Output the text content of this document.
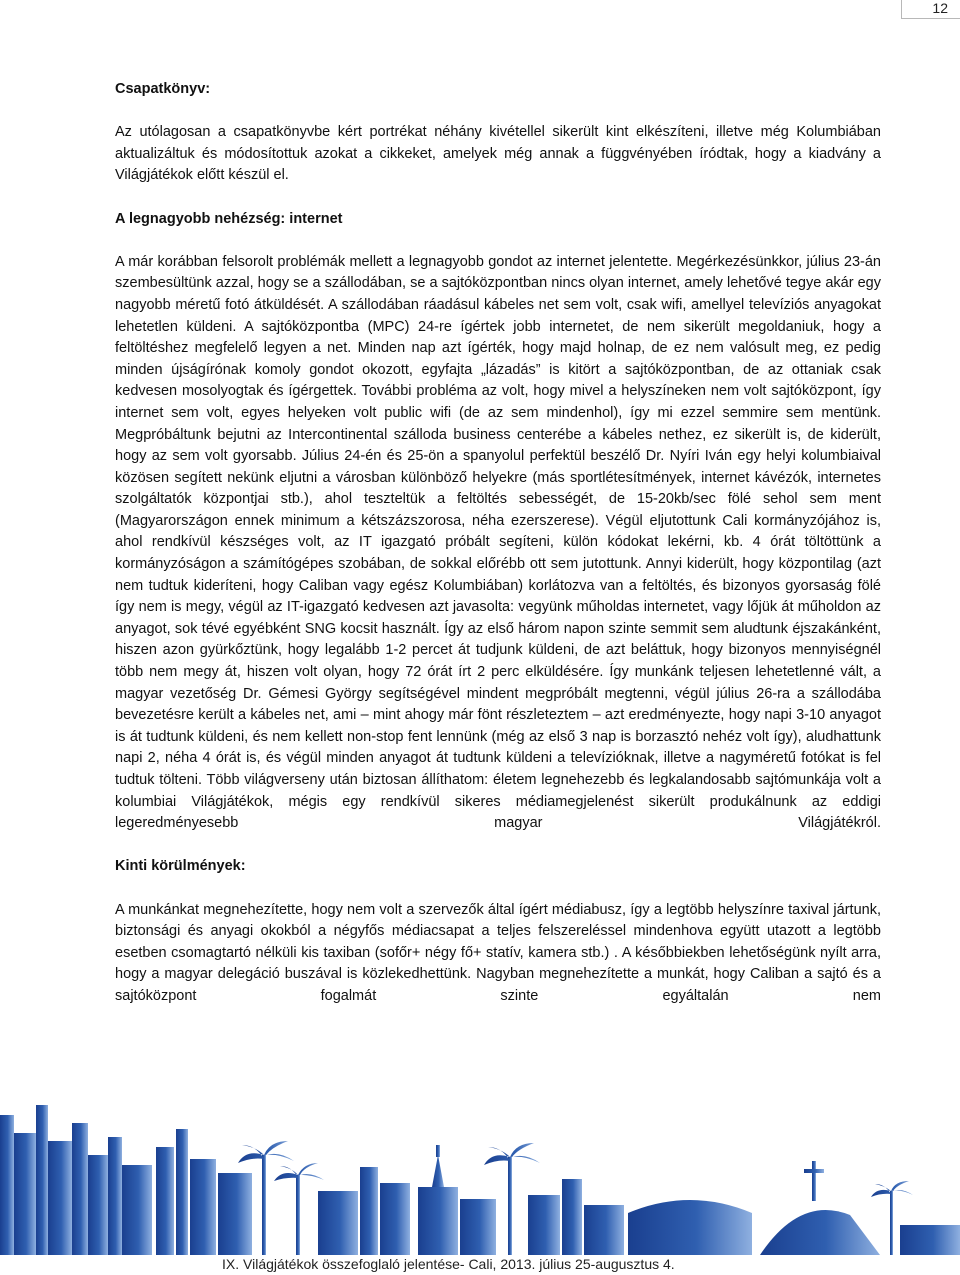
12

Csapatkönyv:

Az utólagosan a csapatkönyvbe kért portrékat néhány kivétellel sikerült kint elkészíteni, illetve még Kolumbiában aktualizáltuk és módosítottuk azokat a cikkeket, amelyek még annak a függvényében íródtak, hogy a kiadvány a Világjátékok előtt készül el.

A legnagyobb nehézség: internet

A már korábban felsorolt problémák mellett a legnagyobb gondot az internet jelentette. Megérkezésünkkor, július 23-án szembesültünk azzal, hogy se a szállodában, se a sajtóközpontban nincs olyan internet, amely lehetővé tegye akár egy nagyobb méretű fotó átküldését. A szállodában ráadásul kábeles net sem volt, csak wifi, amellyel televíziós anyagokat lehetetlen küldeni. A sajtóközpontba (MPC) 24-re ígértek jobb internetet, de nem sikerült megoldaniuk, hogy a feltöltéshez megfelelő legyen a net. Minden nap azt ígérték, hogy majd holnap, de ez nem valósult meg, ez pedig minden újságírónak komoly gondot okozott, egyfajta „lázadás” is kitört a sajtóközpontban, de az ottaniak csak kedvesen mosolyogtak és ígérgettek. További probléma az volt, hogy mivel a helyszíneken nem volt sajtóközpont, így internet sem volt, egyes helyeken volt public wifi (de az sem mindenhol), így mi ezzel semmire sem mentünk. Megpróbáltunk bejutni az Intercontinental szálloda business centerébe a kábeles nethez, ez sikerült is, de kiderült, hogy az sem volt gyorsabb. Július 24-én és 25-ön a spanyolul perfektül beszélő Dr. Nyíri Iván egy helyi kolumbiaival közösen segített nekünk eljutni a városban különböző helyekre (más sportlétesítmények, internet kávézók, internetes szolgáltatók központjai stb.), ahol teszteltük a feltöltés sebességét, de 15-20kb/sec fölé sehol sem ment (Magyarországon ennek minimum a kétszázszorosa, néha ezerszerese). Végül eljutottunk Cali kormányzójához is, ahol rendkívül készséges volt, az IT igazgató próbált segíteni, külön kódokat lekérni, kb. 4 órát töltöttünk a kormányzóságon a számítógépes szobában, de sokkal előrébb ott sem jutottunk. Annyi kiderült, hogy központilag (azt nem tudtuk kideríteni, hogy Caliban vagy egész Kolumbiában) korlátozva van a feltöltés, és bizonyos gyorsaság fölé így nem is megy, végül az IT-igazgató kedvesen azt javasolta: vegyünk műholdas internetet, vagy lőjük át műholdon az anyagot, sok tévé egyébként SNG kocsit használt. Így az első három napon szinte semmit sem aludtunk éjszakánként, hiszen azon gyürkőztünk, hogy legalább 1-2 percet át tudjunk küldeni, de azt beláttuk, hogy bizonyos mennyiségnél több nem megy át, hiszen volt olyan, hogy 72 órát írt 2 perc elküldésére. Így munkánk teljesen lehetetlenné vált, a magyar vezetőség Dr. Gémesi György segítségével mindent megpróbált megtenni, végül július 26-ra a szállodába bevezetésre került a kábeles net, ami – mint ahogy már fönt részleteztem – azt eredményezte, hogy napi 3-10 anyagot is át tudtunk küldeni, és nem kellett non-stop fent lennünk (még az első 3 nap is borzasztó nehéz volt így), aludhattunk napi 2, néha 4 órát is, és végül minden anyagot át tudtunk küldeni a televízióknak, illetve a nagyméretű fotókat is fel tudtuk tölteni. Több világverseny után biztosan állíthatom: életem legnehezebb és legkalandosabb sajtómunkája volt a kolumbiai Világjátékok, mégis egy rendkívül sikeres médiamegjelenést sikerült produkálnunk az eddigi legeredményesebb magyar Világjátékról.

Kinti körülmények:

A munkánkat megnehezítette, hogy nem volt a szervezők által ígért médiabusz, így a legtöbb helyszínre taxival jártunk, biztonsági és anyagi okokból a négyfős médiacsapat a teljes felszereléssel mindenhova együtt utazott a legtöbb esetben csomagtartó nélküli kis taxiban (sofőr+ négy fő+ statív, kamera stb.) . A későbbiekben lehetőségünk nyílt arra, hogy a magyar delegáció buszával is közlekedhettünk. Nagyban megnehezítette a munkát, hogy Caliban a sajtó és a sajtóközpont fogalmát szinte egyáltalán nem

IX. Világjátékok összefoglaló jelentése- Cali, 2013. július 25-augusztus 4.
